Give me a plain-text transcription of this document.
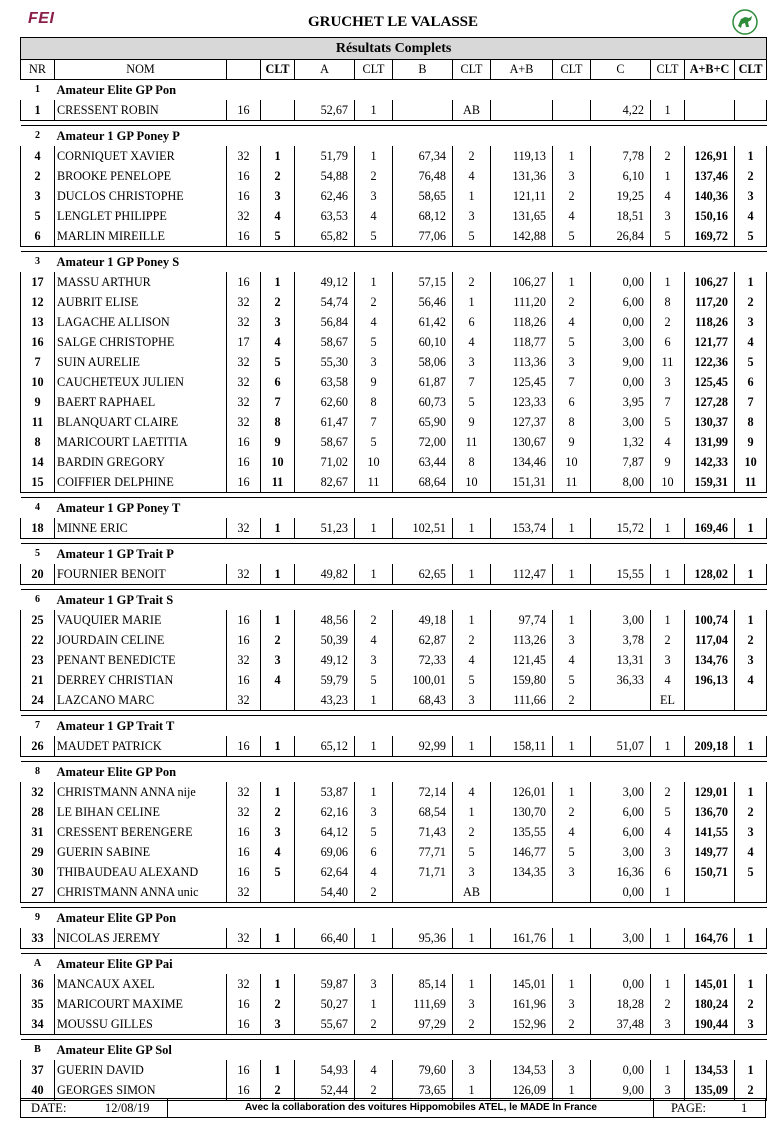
FEI	GRUCHET LE VALASSE
Résultats Complets													
NR	NOM		CLT	A	CLT	B	CLT	A+B	CLT	C	CLT	A+B+C	CLT
1	Amateur Elite GP Pon												
1	CRESSENT ROBIN	16		52,67	1		AB			4,22	1		

2	Amateur 1 GP Poney P												
4	CORNIQUET XAVIER	32	1	51,79	1	67,34	2	119,13	1	7,78	2	126,91	1
2	BROOKE PENELOPE	16	2	54,88	2	76,48	4	131,36	3	6,10	1	137,46	2
3	DUCLOS CHRISTOPHE	16	3	62,46	3	58,65	1	121,11	2	19,25	4	140,36	3
5	LENGLET PHILIPPE	32	4	63,53	4	68,12	3	131,65	4	18,51	3	150,16	4
6	MARLIN MIREILLE	16	5	65,82	5	77,06	5	142,88	5	26,84	5	169,72	5

3	Amateur 1 GP Poney S												
17	MASSU ARTHUR	16	1	49,12	1	57,15	2	106,27	1	0,00	1	106,27	1
12	AUBRIT ELISE	32	2	54,74	2	56,46	1	111,20	2	6,00	8	117,20	2
13	LAGACHE ALLISON	32	3	56,84	4	61,42	6	118,26	4	0,00	2	118,26	3
16	SALGE CHRISTOPHE	17	4	58,67	5	60,10	4	118,77	5	3,00	6	121,77	4
7	SUIN AURELIE	32	5	55,30	3	58,06	3	113,36	3	9,00	11	122,36	5
10	CAUCHETEUX JULIEN	32	6	63,58	9	61,87	7	125,45	7	0,00	3	125,45	6
9	BAERT RAPHAEL	32	7	62,60	8	60,73	5	123,33	6	3,95	7	127,28	7
11	BLANQUART CLAIRE	32	8	61,47	7	65,90	9	127,37	8	3,00	5	130,37	8
8	MARICOURT LAETITIA	16	9	58,67	5	72,00	11	130,67	9	1,32	4	131,99	9
14	BARDIN GREGORY	16	10	71,02	10	63,44	8	134,46	10	7,87	9	142,33	10
15	COIFFIER DELPHINE	16	11	82,67	11	68,64	10	151,31	11	8,00	10	159,31	11

4	Amateur 1 GP Poney T												
18	MINNE ERIC	32	1	51,23	1	102,51	1	153,74	1	15,72	1	169,46	1

5	Amateur 1 GP Trait P												
20	FOURNIER BENOIT	32	1	49,82	1	62,65	1	112,47	1	15,55	1	128,02	1

6	Amateur 1 GP Trait S												
25	VAUQUIER MARIE	16	1	48,56	2	49,18	1	97,74	1	3,00	1	100,74	1
22	JOURDAIN CELINE	16	2	50,39	4	62,87	2	113,26	3	3,78	2	117,04	2
23	PENANT BENEDICTE	32	3	49,12	3	72,33	4	121,45	4	13,31	3	134,76	3
21	DERREY CHRISTIAN	16	4	59,79	5	100,01	5	159,80	5	36,33	4	196,13	4
24	LAZCANO MARC	32		43,23	1	68,43	3	111,66	2		EL		

7	Amateur 1 GP Trait T												
26	MAUDET PATRICK	16	1	65,12	1	92,99	1	158,11	1	51,07	1	209,18	1

8	Amateur Elite GP Pon												
32	CHRISTMANN ANNA nije	32	1	53,87	1	72,14	4	126,01	1	3,00	2	129,01	1
28	LE BIHAN CELINE	32	2	62,16	3	68,54	1	130,70	2	6,00	5	136,70	2
31	CRESSENT BERENGERE	16	3	64,12	5	71,43	2	135,55	4	6,00	4	141,55	3
29	GUERIN SABINE	16	4	69,06	6	77,71	5	146,77	5	3,00	3	149,77	4
30	THIBAUDEAU ALEXAND	16	5	62,64	4	71,71	3	134,35	3	16,36	6	150,71	5
27	CHRISTMANN ANNA unic	32		54,40	2		AB			0,00	1		

9	Amateur Elite GP Pon												
33	NICOLAS JEREMY	32	1	66,40	1	95,36	1	161,76	1	3,00	1	164,76	1

A	Amateur Elite GP Pai												
36	MANCAUX AXEL	32	1	59,87	3	85,14	1	145,01	1	0,00	1	145,01	1
35	MARICOURT MAXIME	16	2	50,27	1	111,69	3	161,96	3	18,28	2	180,24	2
34	MOUSSU GILLES	16	3	55,67	2	97,29	2	152,96	2	37,48	3	190,44	3

B	Amateur Elite GP Sol												
37	GUERIN DAVID	16	1	54,93	4	79,60	3	134,53	3	0,00	1	134,53	1
40	GEORGES SIMON	16	2	52,44	2	73,65	1	126,09	1	9,00	3	135,09	2
DATE:	12/08/19	Avec la collaboration des voitures Hippomobiles ATEL, le MADE In France	PAGE:	1
